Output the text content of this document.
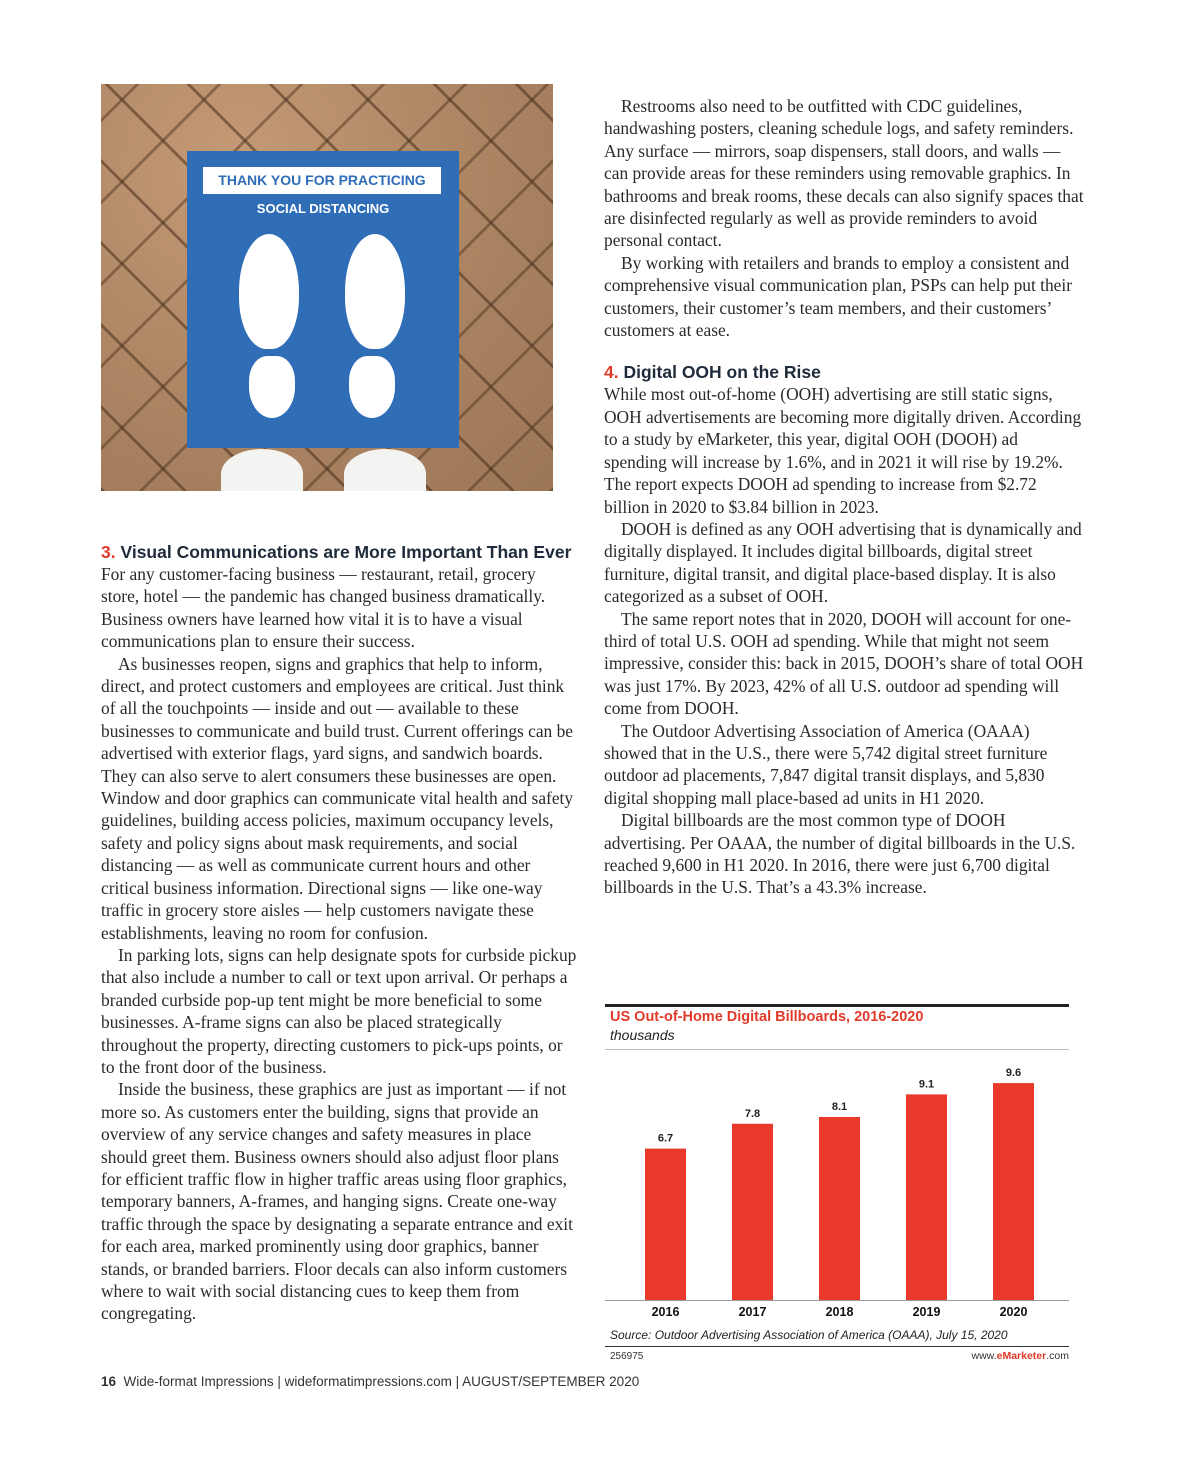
THANK YOU FOR PRACTICING
SOCIAL DISTANCING
3. Visual Communications are More Important Than Ever

For any customer-facing business — restaurant, retail, grocery store, hotel — the pandemic has changed business dramatically. Business owners have learned how vital it is to have a visual communications plan to ensure their success.

As businesses reopen, signs and graphics that help to inform, direct, and protect customers and employees are critical. Just think of all the touchpoints — inside and out — available to these businesses to communicate and build trust. Current offerings can be advertised with exterior flags, yard signs, and sandwich boards. They can also serve to alert consumers these businesses are open. Window and door graphics can communicate vital health and safety guidelines, building access policies, maximum occupancy levels, safety and policy signs about mask requirements, and social distancing — as well as communicate current hours and other critical business information. Directional signs — like one-way traffic in grocery store aisles — help customers navigate these establishments, leaving no room for confusion.

In parking lots, signs can help designate spots for curbside pickup that also include a number to call or text upon arrival. Or perhaps a branded curbside pop-up tent might be more beneficial to some businesses. A-frame signs can also be placed strategically throughout the property, directing customers to pick-ups points, or to the front door of the business.

Inside the business, these graphics are just as important — if not more so. As customers enter the building, signs that provide an overview of any service changes and safety measures in place should greet them. Business owners should also adjust floor plans for efficient traffic flow in higher traffic areas using floor graphics, temporary banners, A-frames, and hanging signs. Create one-way traffic through the space by designating a separate entrance and exit for each area, marked prominently using door graphics, banner stands, or branded barriers. Floor decals can also inform customers where to wait with social distancing cues to keep them from congregating.

Restrooms also need to be outfitted with CDC guidelines, handwashing posters, cleaning schedule logs, and safety reminders. Any surface — mirrors, soap dispensers, stall doors, and walls — can provide areas for these reminders using removable graphics. In bathrooms and break rooms, these decals can also signify spaces that are disinfected regularly as well as provide reminders to avoid personal contact.

By working with retailers and brands to employ a consistent and comprehensive visual communication plan, PSPs can help put their customers, their customer’s team members, and their customers’ customers at ease.

4. Digital OOH on the Rise

While most out-of-home (OOH) advertising are still static signs, OOH advertisements are becoming more digitally driven. According to a study by eMarketer, this year, digital OOH (DOOH) ad spending will increase by 1.6%, and in 2021 it will rise by 19.2%. The report expects DOOH ad spending to increase from $2.72 billion in 2020 to $3.84 billion in 2023.

DOOH is defined as any OOH advertising that is dynamically and digitally displayed. It includes digital billboards, digital street furniture, digital transit, and digital place-based display. It is also categorized as a subset of OOH.

The same report notes that in 2020, DOOH will account for one-third of total U.S. OOH ad spending. While that might not seem impressive, consider this: back in 2015, DOOH’s share of total OOH was just 17%. By 2023, 42% of all U.S. outdoor ad spending will come from DOOH.

The Outdoor Advertising Association of America (OAAA) showed that in the U.S., there were 5,742 digital street furniture outdoor ad placements, 7,847 digital transit displays, and 5,830 digital shopping mall place-based ad units in H1 2020.

Digital billboards are the most common type of DOOH advertising. Per OAAA, the number of digital billboards in the U.S. reached 9,600 in H1 2020. In 2016, there were just 6,700 digital billboards in the U.S. That’s a 43.3% increase.

US Out-of-Home Digital Billboards, 2016-2020
thousands
6.7
2016
7.8
2017
8.1
2018
9.1
2019
9.6
2020
Source: Outdoor Advertising Association of America (OAAA), July 15, 2020
256975	www.eMarketer.com
16 Wide-format Impressions | wideformatimpressions.com | AUGUST/SEPTEMBER 2020
